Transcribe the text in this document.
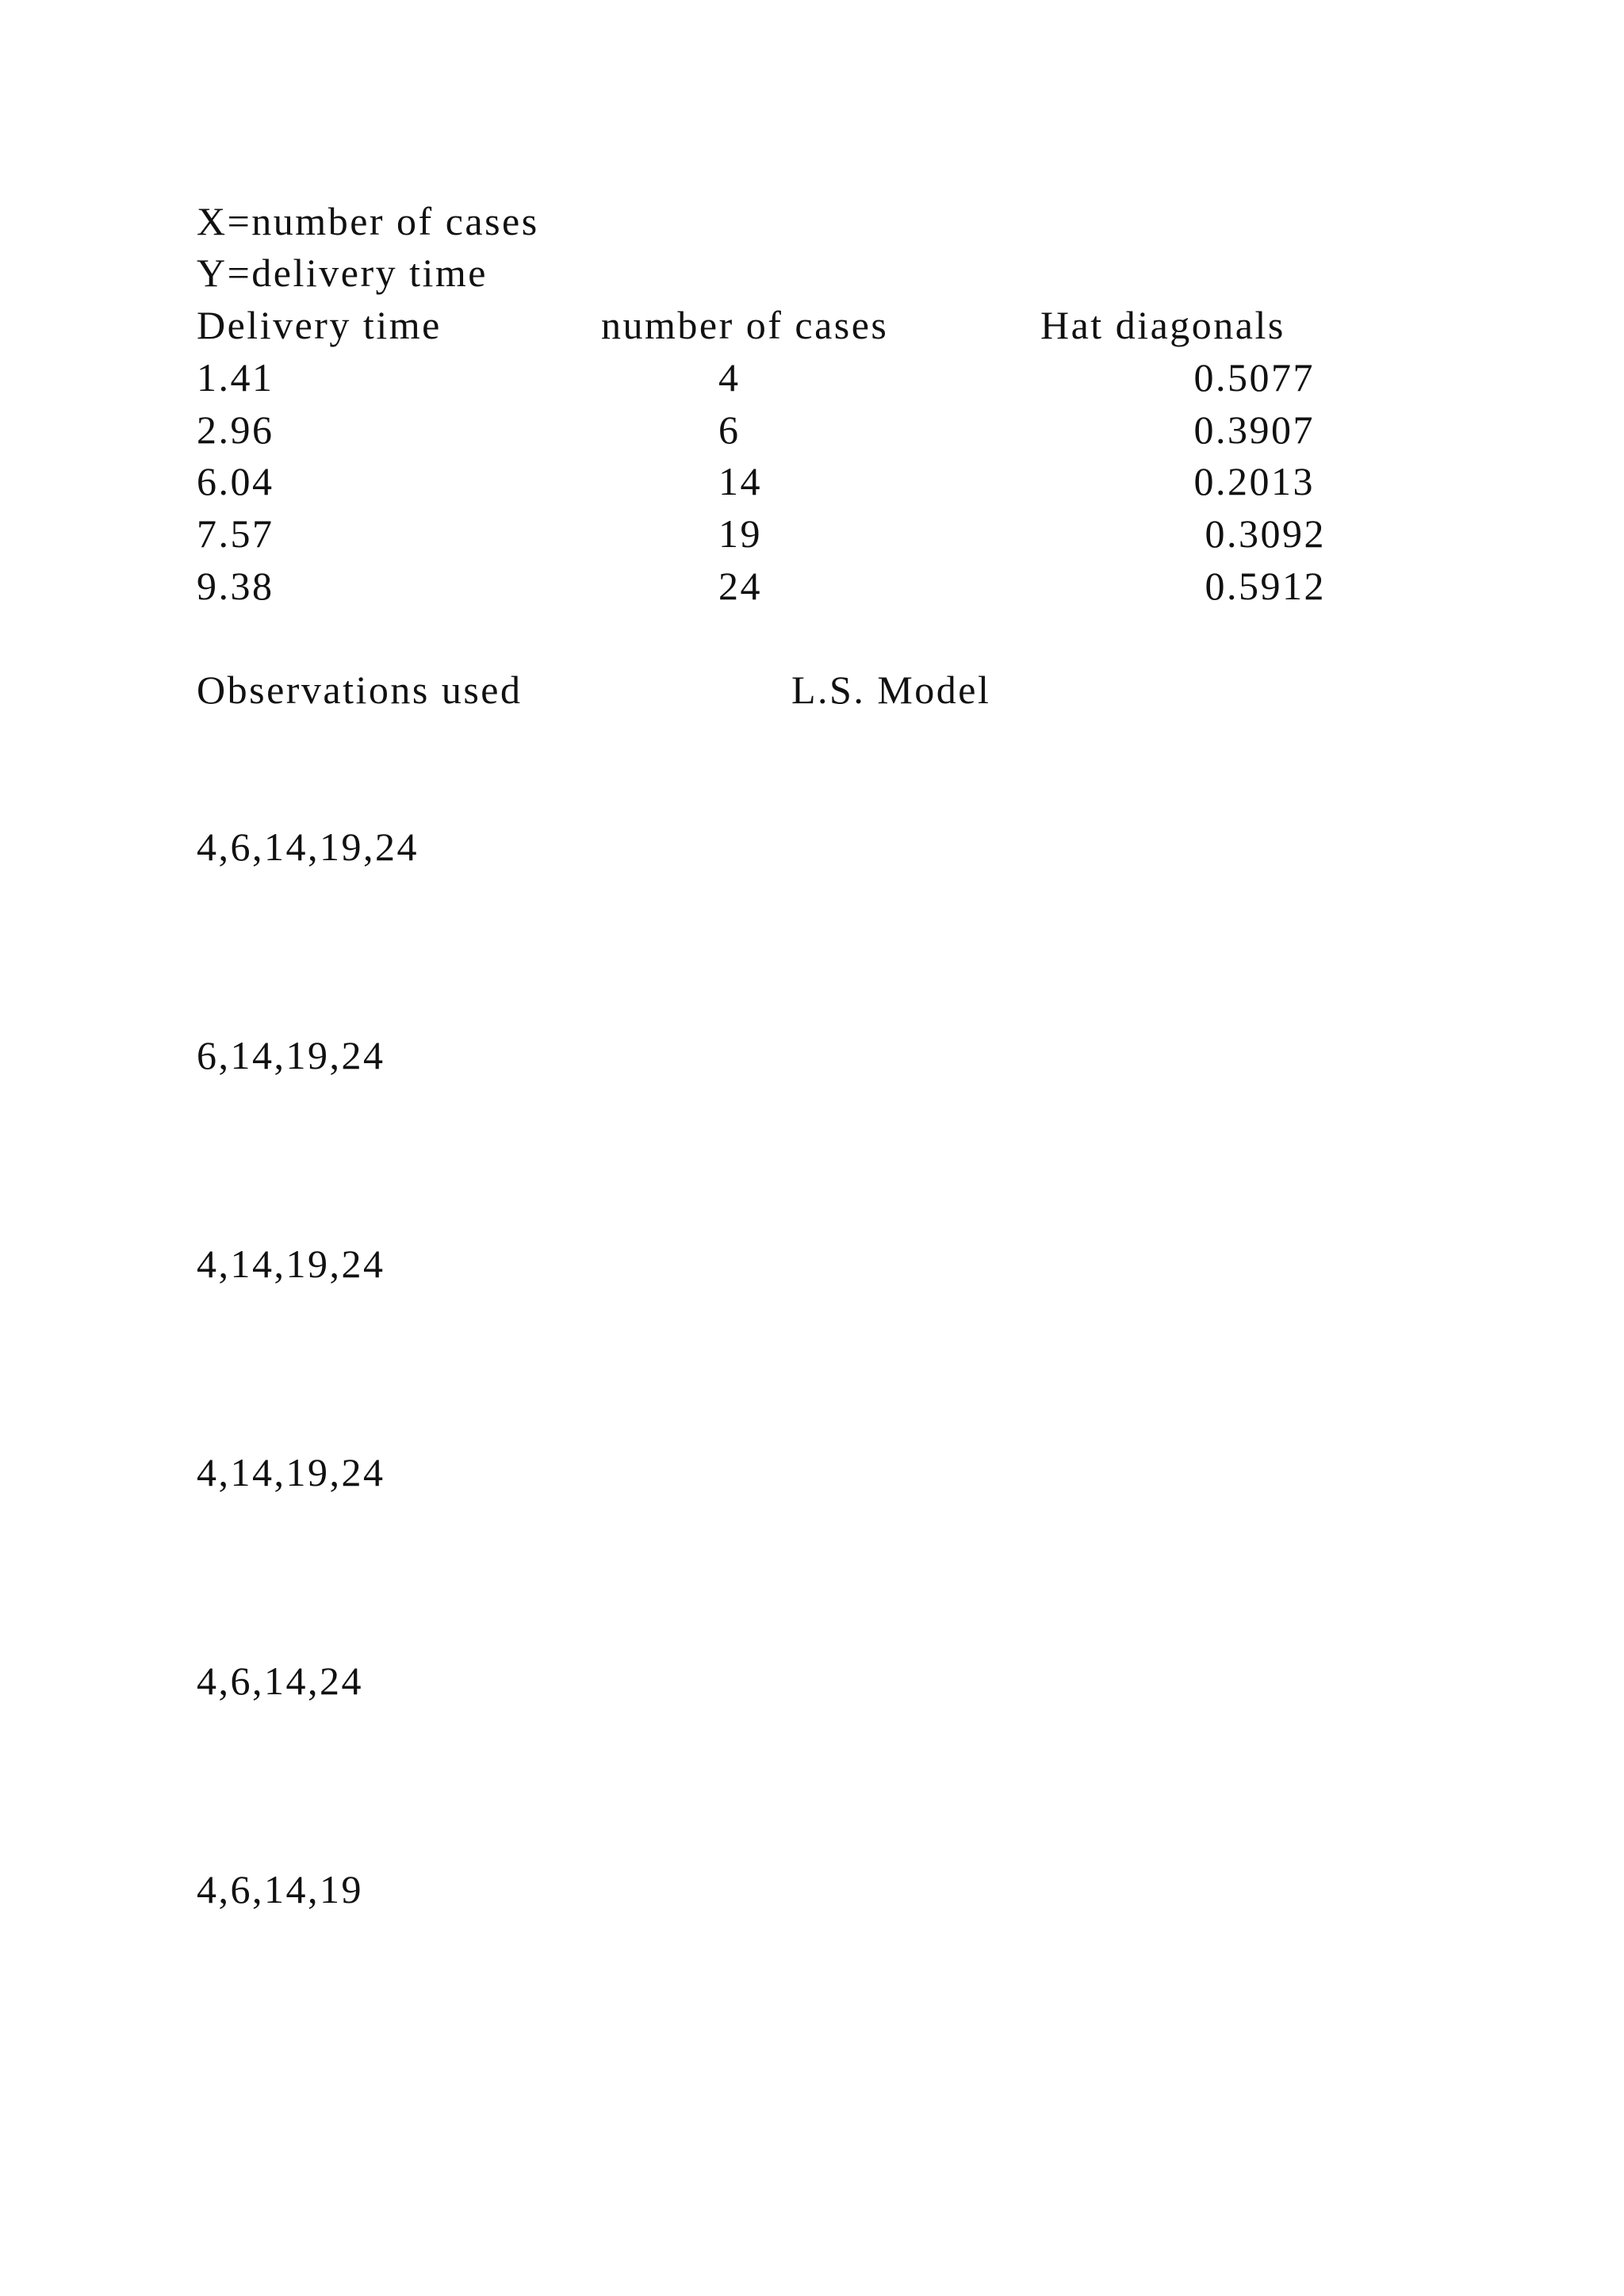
X=number of cases
Y=delivery time
Delivery time	number of cases	Hat diagonals
1.41	4	0.5077
2.96	6	0.3907
6.04	14	0.2013
7.57	19	0.3092
9.38	24	0.5912
Observations used	L.S. Model
4,6,14,19,24
6,14,19,24
4,14,19,24
4,14,19,24
4,6,14,24
4,6,14,19
